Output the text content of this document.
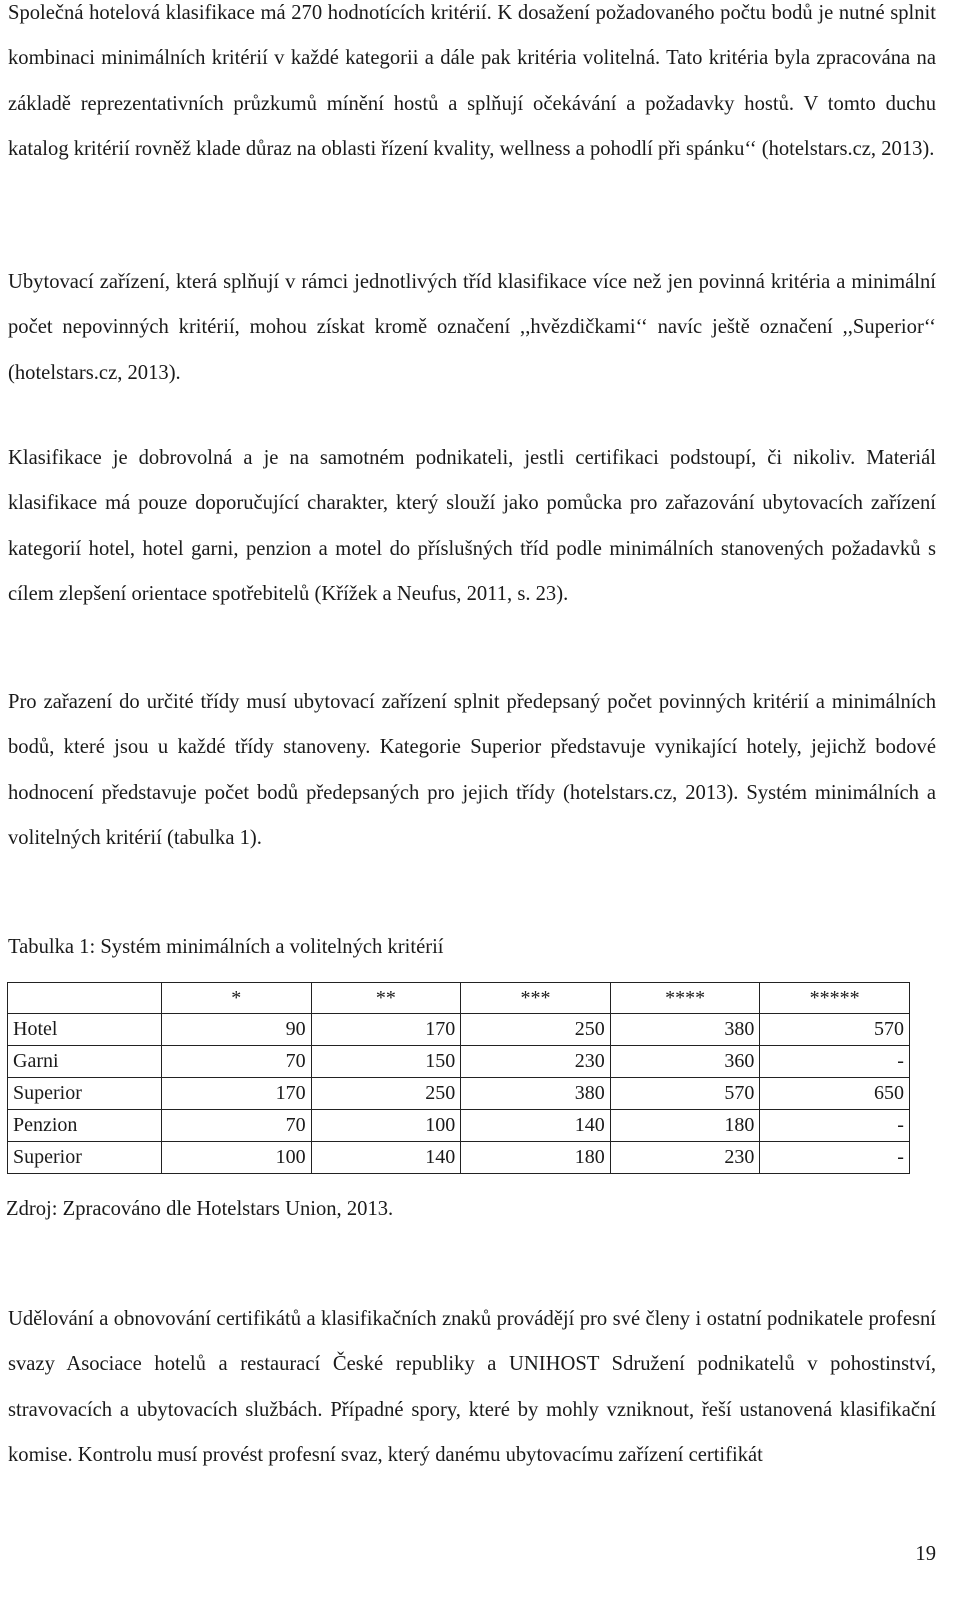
Společná hotelová klasifikace má 270 hodnotících kritérií. K dosažení požadovaného počtu bodů je nutné splnit kombinaci minimálních kritérií v každé kategorii a dále pak kritéria volitelná. Tato kritéria byla zpracována na základě reprezentativních průzkumů mínění hostů a splňují očekávání a požadavky hostů. V tomto duchu katalog kritérií rovněž klade důraz na oblasti řízení kvality, wellness a pohodlí při spánku‘‘ (hotelstars.cz, 2013).

Ubytovací zařízení, která splňují v rámci jednotlivých tříd klasifikace více než jen povinná kritéria a minimální počet nepovinných kritérií, mohou získat kromě označení ,,hvězdičkami‘‘ navíc ještě označení ,,Superior‘‘ (hotelstars.cz, 2013).

Klasifikace je dobrovolná a je na samotném podnikateli, jestli certifikaci podstoupí, či nikoliv. Materiál klasifikace má pouze doporučující charakter, který slouží jako pomůcka pro zařazování ubytovacích zařízení kategorií hotel, hotel garni, penzion a motel do příslušných tříd podle minimálních stanovených požadavků s cílem zlepšení orientace spotřebitelů (Křížek a Neufus, 2011, s. 23).

Pro zařazení do určité třídy musí ubytovací zařízení splnit předepsaný počet povinných kritérií a minimálních bodů, které jsou u každé třídy stanoveny. Kategorie Superior představuje vynikající hotely, jejichž bodové hodnocení představuje počet bodů předepsaných pro jejich třídy (hotelstars.cz, 2013). Systém minimálních a volitelných kritérií (tabulka 1).

Tabulka 1: Systém minimálních a volitelných kritérií

	*	**	***	****	*****
Hotel	90	170	250	380	570
Garni	70	150	230	360	-
Superior	170	250	380	570	650
Penzion	70	100	140	180	-
Superior	100	140	180	230	-

Zdroj: Zpracováno dle Hotelstars Union, 2013.

Udělování a obnovování certifikátů a klasifikačních znaků provádějí pro své členy i ostatní podnikatele profesní svazy Asociace hotelů a restaurací České republiky a UNIHOST Sdružení podnikatelů v pohostinství, stravovacích a ubytovacích službách. Případné spory, které by mohly vzniknout, řeší ustanovená klasifikační komise. Kontrolu musí provést profesní svaz, který danému ubytovacímu zařízení certifikát

19
